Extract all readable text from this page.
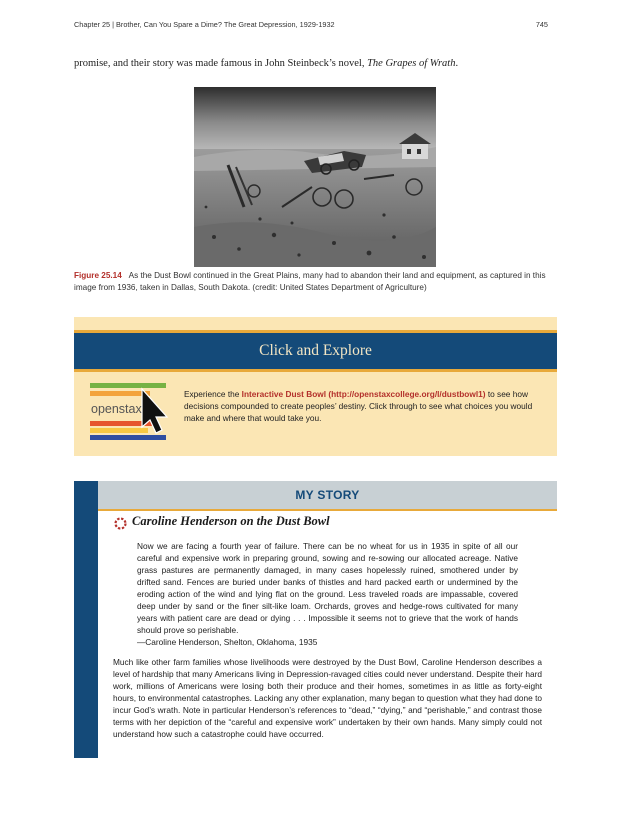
Chapter 25 | Brother, Can You Spare a Dime? The Great Depression, 1929-1932	745
promise, and their story was made famous in John Steinbeck’s novel, The Grapes of Wrath.
Figure 25.14 As the Dust Bowl continued in the Great Plains, many had to abandon their land and equipment, as captured in this image from 1936, taken in Dallas, South Dakota. (credit: United States Department of Agriculture)
Click and Explore
openstax
Experience the Interactive Dust Bowl (http://openstaxcollege.org/l/dustbowl1) to see how decisions compounded to create peoples’ destiny. Click through to see what choices you would make and where that would take you.
MY STORY
Caroline Henderson on the Dust Bowl
Now we are facing a fourth year of failure. There can be no wheat for us in 1935 in spite of all our careful and expensive work in preparing ground, sowing and re-sowing our allocated acreage. Native grass pastures are permanently damaged, in many cases hopelessly ruined, smothered under by drifted sand. Fences are buried under banks of thistles and hard packed earth or undermined by the eroding action of the wind and lying flat on the ground. Less traveled roads are impassable, covered deep under by sand or the finer silt-like loam. Orchards, groves and hedge-rows cultivated for many years with patient care are dead or dying . . . Impossible it seems not to grieve that the work of hands should prove so perishable.
—Caroline Henderson, Shelton, Oklahoma, 1935
Much like other farm families whose livelihoods were destroyed by the Dust Bowl, Caroline Henderson describes a level of hardship that many Americans living in Depression-ravaged cities could never understand. Despite their hard work, millions of Americans were losing both their produce and their homes, sometimes in as little as forty-eight hours, to environmental catastrophes. Lacking any other explanation, many began to question what they had done to incur God’s wrath. Note in particular Henderson’s references to “dead,” “dying,” and “perishable,” and contrast those terms with her depiction of the “careful and expensive work” undertaken by their own hands. Many simply could not understand how such a catastrophe could have occurred.
